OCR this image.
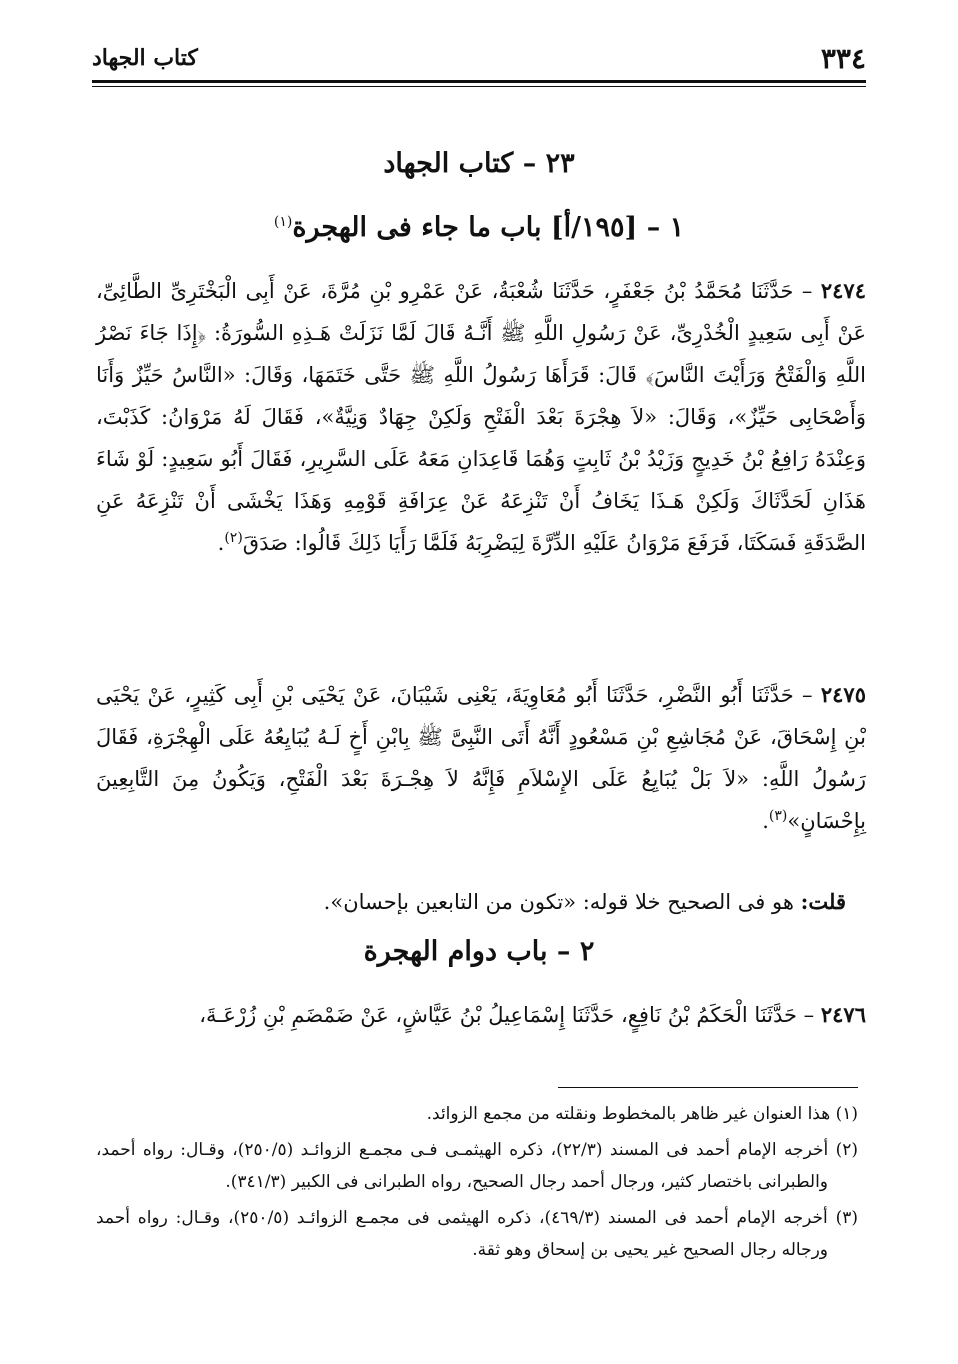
٣٣٤
كتاب الجهاد
٢٣ – كتاب الجهاد
١ – [١٩٥/أ] باب ما جاء فى الهجرة$^{(١)}$
٢٤٧٤ – حَدَّثَنَا مُحَمَّدُ بْنُ جَعْفَرٍ، حَدَّثَنَا شُعْبَةُ، عَنْ عَمْرِو بْنِ مُرَّةَ، عَنْ أَبِى الْبَخْتَرِىِّ الطَّائِىِّ، عَنْ أَبِى سَعِيدٍ الْخُدْرِىِّ، عَنْ رَسُولِ اللَّهِ ﷺ أَنَّـهُ قَالَ لَمَّا نَزَلَتْ هَـذِهِ السُّورَةُ: ﴿إِذَا جَاءَ نَصْرُ اللَّهِ وَالْفَتْحُ وَرَأَيْتَ النَّاسَ﴾ قَالَ: قَرَأَهَا رَسُولُ اللَّهِ ﷺ حَتَّى خَتَمَهَا، وَقَالَ: «النَّاسُ حَيِّزٌ وَأَنَا وَأَصْحَابِى حَيِّزٌ»، وَقَالَ: «لاَ هِجْرَةَ بَعْدَ الْفَتْحِ وَلَكِنْ جِهَادٌ وَنِيَّةٌ»، فَقَالَ لَهُ مَرْوَانُ: كَذَبْتَ، وَعِنْدَهُ رَافِعُ بْنُ خَدِيجٍ وَزَيْدُ بْنُ ثَابِتٍ وَهُمَا قَاعِدَانِ مَعَهُ عَلَى السَّرِيرِ، فَقَالَ أَبُو سَعِيدٍ: لَوْ شَاءَ هَذَانِ لَحَدَّثَاكَ وَلَكِنْ هَـذَا يَخَافُ أَنْ تَنْزِعَهُ عَنْ عِرَافَةِ قَوْمِهِ وَهَذَا يَخْشَى أَنْ تَنْزِعَهُ عَنِ الصَّدَقَةِ فَسَكَتَا، فَرَفَعَ مَرْوَانُ عَلَيْهِ الدِّرَّةَ لِيَضْرِبَهُ فَلَمَّا رَأَيَا ذَلِكَ قَالُوا: صَدَقَ$^{(٢)}$.
٢٤٧٥ – حَدَّثَنَا أَبُو النَّضْرِ، حَدَّثَنَا أَبُو مُعَاوِيَةَ، يَعْنِى شَيْبَانَ، عَنْ يَحْيَى بْنِ أَبِى كَثِيرٍ، عَنْ يَحْيَى بْنِ إِسْحَاقَ، عَنْ مُجَاشِعِ بْنِ مَسْعُودٍ أَنَّهُ أَتَى النَّبِىَّ ﷺ بِابْنِ أَخٍ لَـهُ يُبَايِعُهُ عَلَى الْهِجْرَةِ، فَقَالَ رَسُولُ اللَّهِ: «لاَ بَلْ يُبَايِعُ عَلَى الإِسْلاَمِ فَإِنَّهُ لاَ هِجْـرَةَ بَعْدَ الْفَتْحِ، وَيَكُونُ مِنَ التَّابِعِينَ بِإِحْسَانٍ»$^{(٣)}$.
قلت: هو فى الصحيح خلا قوله: «تكون من التابعين بإحسان».
٢ – باب دوام الهجرة
٢٤٧٦ – حَدَّثَنَا الْحَكَمُ بْنُ نَافِعٍ، حَدَّثَنَا إِسْمَاعِيلُ بْنُ عَيَّاشٍ، عَنْ ضَمْضَمِ بْنِ زُرْعَـةَ،

(١) هذا العنوان غير ظاهر بالمخطوط ونقلته من مجمع الزوائد.

(٢) أخرجه الإمام أحمد فى المسند (٢٢/٣)، ذكره الهيثمـى فـى مجمـع الزوائـد (٢٥٠/٥)، وقـال: رواه أحمد، والطبرانى باختصار كثير، ورجال أحمد رجال الصحيح، رواه الطبرانى فى الكبير (٣٤١/٣).

(٣) أخرجه الإمام أحمد فى المسند (٤٦٩/٣)، ذكره الهيثمى فى مجمـع الزوائـد (٢٥٠/٥)، وقـال: رواه أحمد ورجاله رجال الصحيح غير يحيى بن إسحاق وهو ثقة.
